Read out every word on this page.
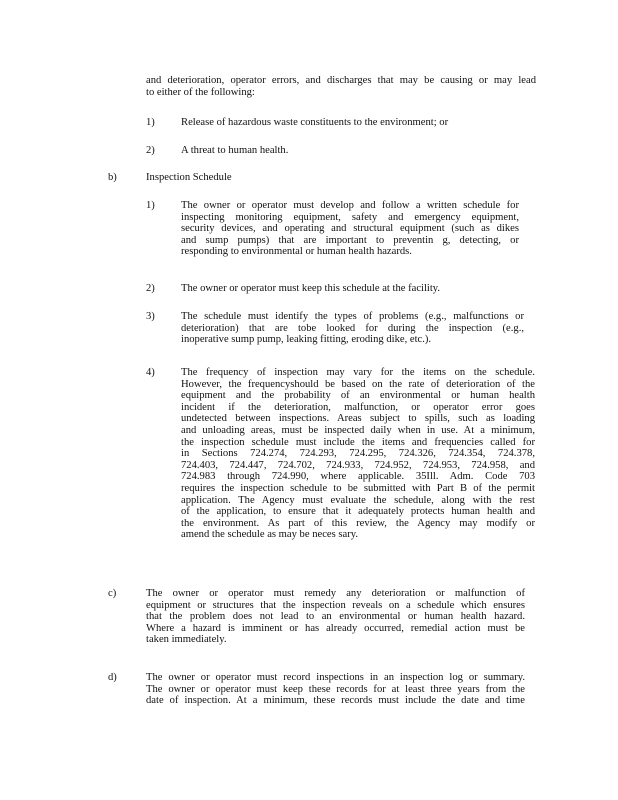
and deterioration, operator errors, and discharges that may be causing or may lead

to either of the following:

1) Release of hazardous waste constituents to the environment; or
2) A threat to human health.
b)	Inspection Schedule
1) The owner or operator must develop and follow a written schedule for

inspecting monitoring equipment, safety and emergency equipment,

security devices, and operating and structural equipment (such as dikes

and sump pumps) that are important to preventin g, detecting, or

responding to environmental or human health hazards.

2) The owner or operator must keep this schedule at the facility.

3) The schedule must identify the types of problems (e.g., malfunctions or

deterioration) that are tobe looked for during the inspection (e.g.,

inoperative sump pump, leaking fitting, eroding dike, etc.).

4) The frequency of inspection may vary for the items on the schedule.

However, the frequencyshould be based on the rate of deterioration of the

equipment and the probability of an environmental or human health

incident if the deterioration, malfunction, or operator error goes

undetected between inspections. Areas subject to spills, such as loading

and unloading areas, must be inspected daily when in use. At a minimum,

the inspection schedule must include the items and frequencies called for

in Sections 724.274, 724.293, 724.295, 724.326, 724.354, 724.378,

724.403, 724.447, 724.702, 724.933, 724.952, 724.953, 724.958, and

724.983 through 724.990, where applicable. 35Ill. Adm. Code 703

requires the inspection schedule to be submitted with Part B of the permit

application. The Agency must evaluate the schedule, along with the rest

of the application, to ensure that it adequately protects human health and

the environment. As part of this review, the Agency may modify or

amend the schedule as may be neces sary.

c)	The owner or operator must remedy any deterioration or malfunction of

equipment or structures that the inspection reveals on a schedule which ensures

that the problem does not lead to an environmental or human health hazard.

Where a hazard is imminent or has already occurred, remedial action must be

taken immediately.

d)	The owner or operator must record inspections in an inspection log or summary.

The owner or operator must keep these records for at least three years from the

date of inspection. At a minimum, these records must include the date and time
